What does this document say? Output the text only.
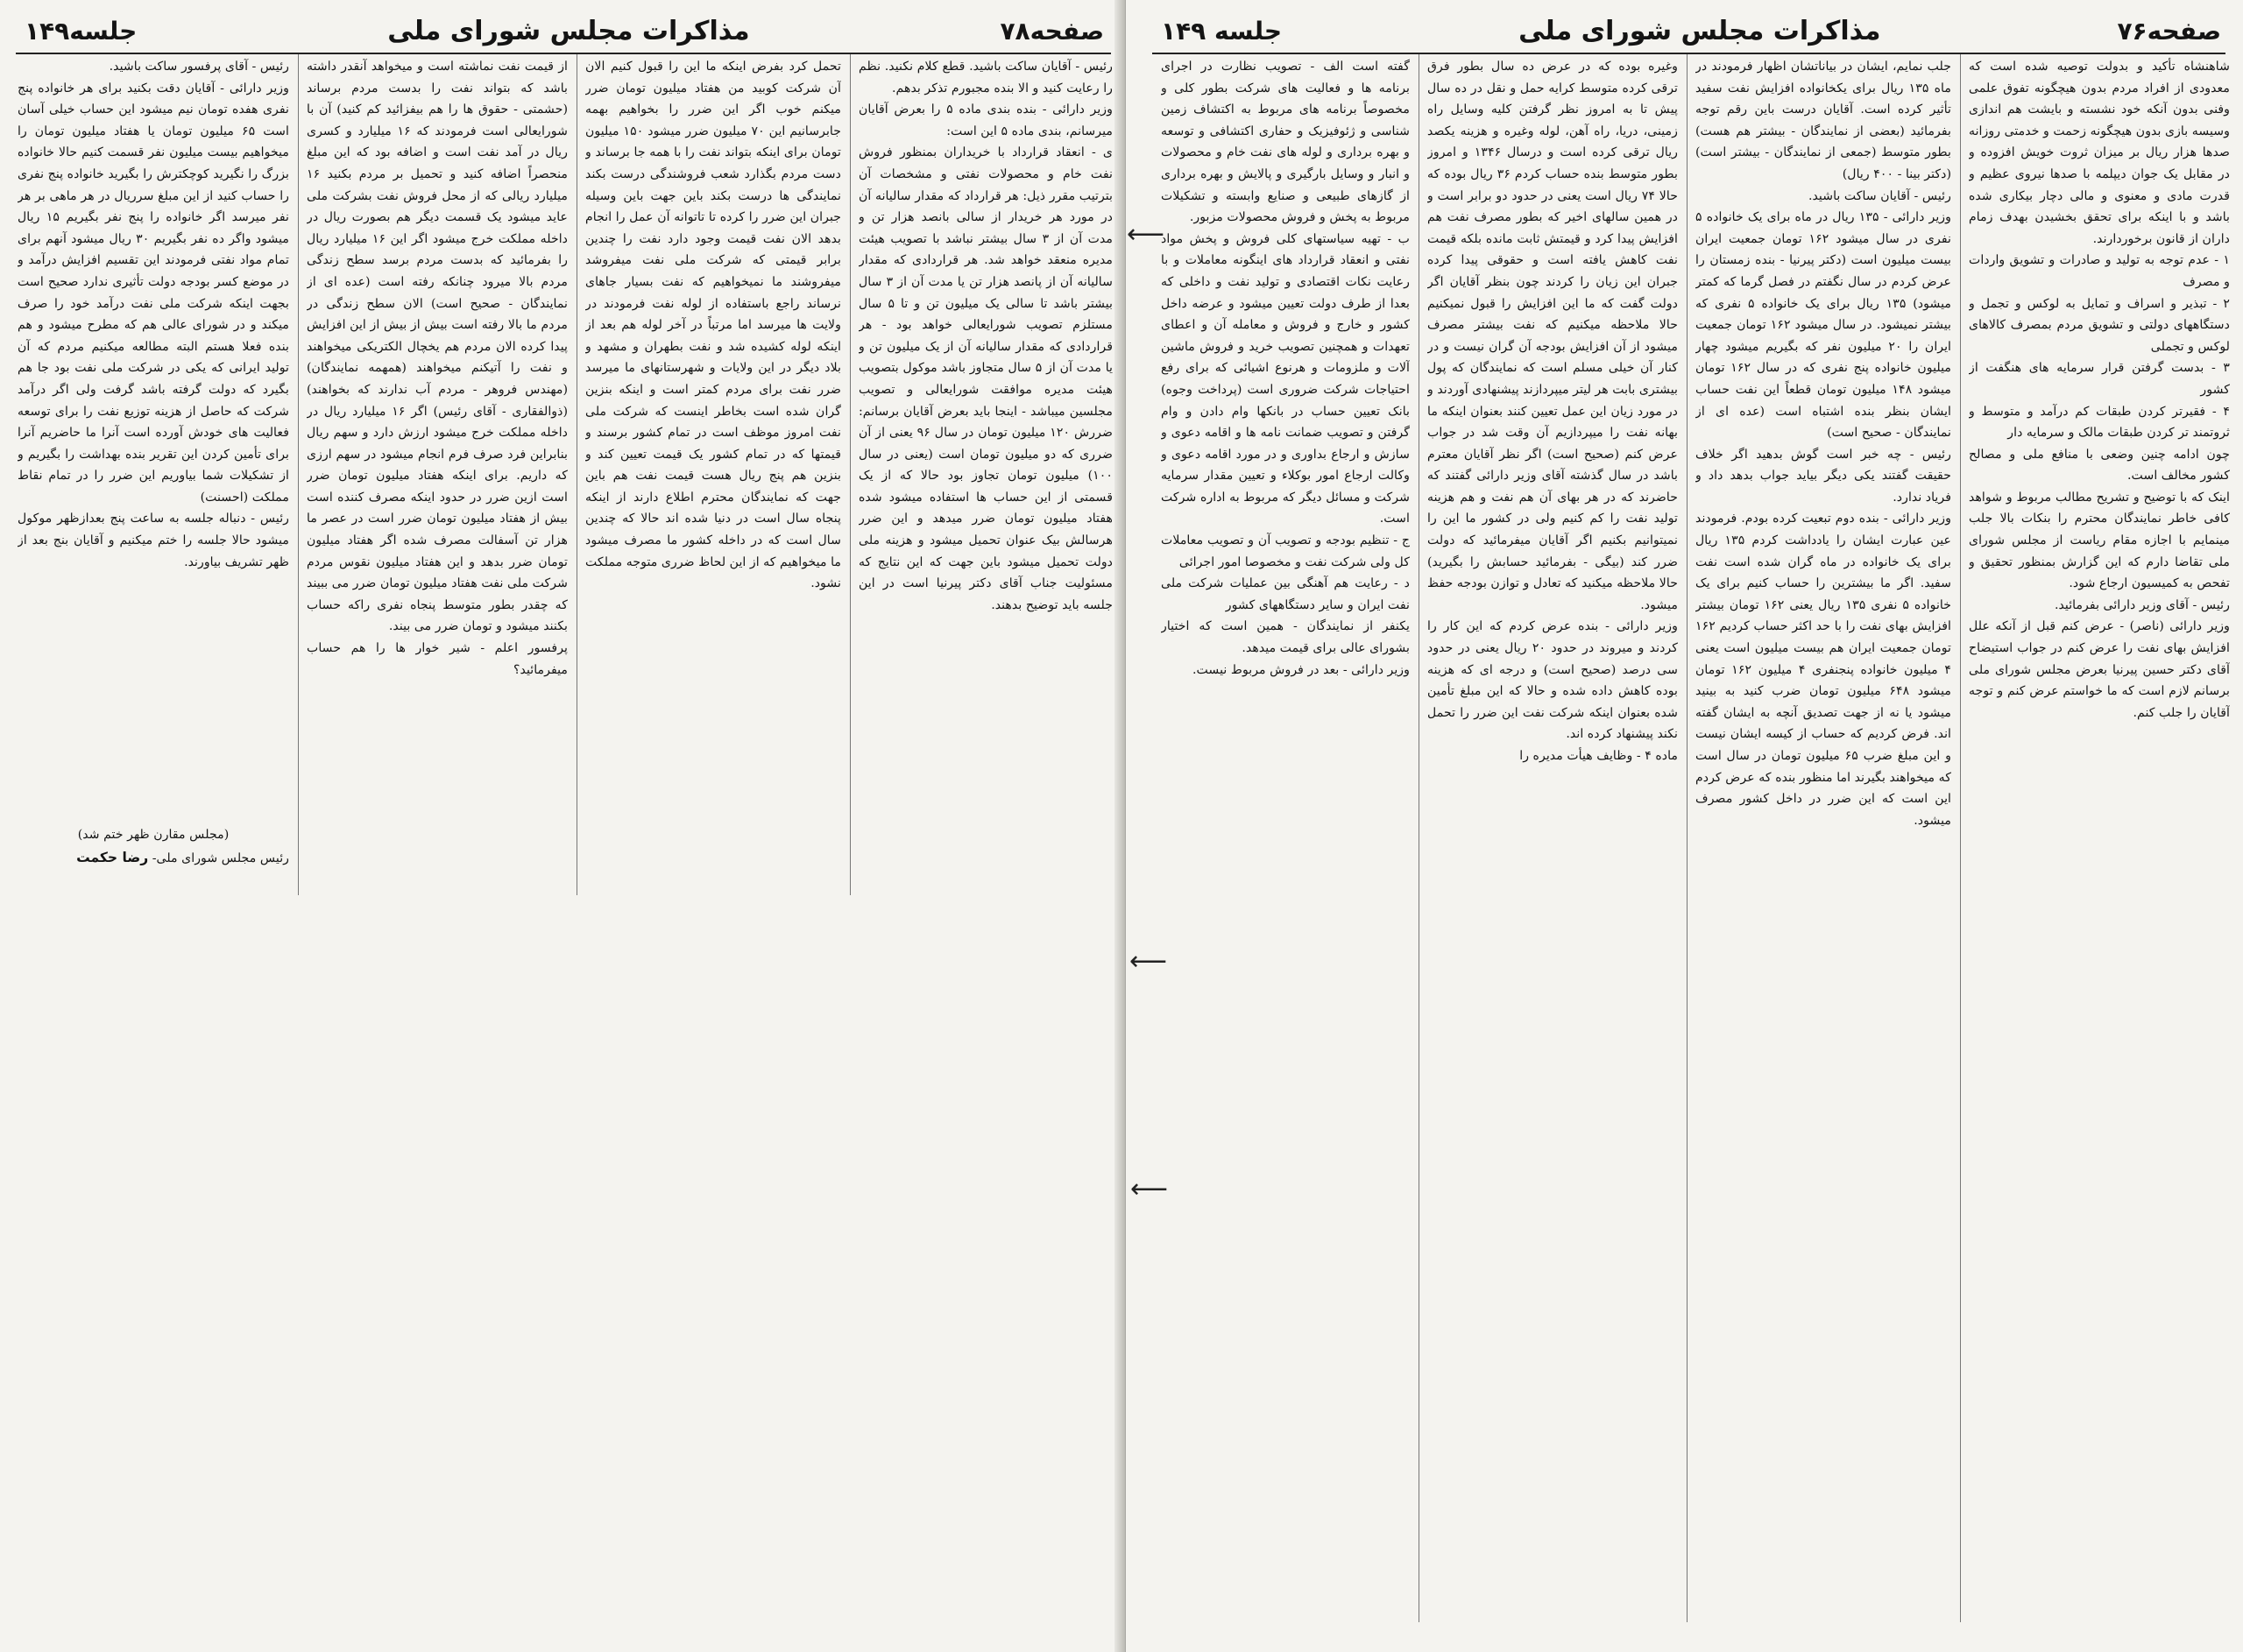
صفحه۷۸
مذاکرات مجلس شورای ملی
جلسه۱۴۹
رئیس - آقایان ساکت باشید. قطع کلام نکنید. نظم را رعایت کنید و الا بنده مجبورم تذکر بدهم.
وزیر دارائی - بنده بندی ماده ۵ را بعرض آقایان میرسانم، بندی ماده ۵ این است:
ی - انعقاد قرارداد با خریداران بمنظور فروش نفت خام و محصولات نفتی و مشخصات آن بترتیب مقرر ذیل: هر قرارداد که مقدار سالیانه آن در مورد هر خریدار از سالی بانصد هزار تن و مدت آن از ۳ سال بیشتر نباشد با تصویب هیئت مدیره منعقد خواهد شد. هر قراردادی که مقدار سالیانه آن از پانصد هزار تن یا مدت آن از ۳ سال بیشتر باشد تا سالی یک میلیون تن و تا ۵ سال مستلزم تصویب شورایعالی خواهد بود - هر قراردادی که مقدار سالیانه آن از یک میلیون تن و یا مدت آن از ۵ سال متجاوز باشد موکول بتصویب هیئت مدیره موافقت شورایعالی و تصویب مجلسین میباشد - اینجا باید بعرض آقایان برسانم: ضررش ۱۲۰ میلیون تومان در سال ۹۶ یعنی از آن ضرری که دو میلیون تومان است (یعنی در سال ۱۰۰) میلیون تومان تجاوز بود حالا که از یک قسمتی از این حساب ها استفاده میشود شده هفتاد میلیون تومان ضرر میدهد و این ضرر هرسالش بیک عنوان تحمیل میشود و هزینه ملی دولت تحمیل میشود باین جهت که این نتایج که مسئولیت جناب آقای دکتر پیرنیا است در این جلسه باید توضیح بدهند.
تحمل کرد بفرض اینکه ما این را قبول کنیم الان آن شرکت کوبید من هفتاد میلیون تومان ضرر میکنم خوب اگر این ضرر را بخواهیم بهمه جابرسانیم این ۷۰ میلیون ضرر میشود ۱۵۰ میلیون تومان برای اینکه بتواند نفت را با همه جا برساند و دست مردم بگذارد شعب فروشندگی درست بکند نمایندگی ها درست بکند باین جهت باین وسیله جبران این ضرر را کرده تا تاتوانه آن عمل را انجام بدهد الان نفت قیمت وجود دارد نفت را چندین برابر قیمتی که شرکت ملی نفت میفروشد میفروشند ما نمیخواهیم که نفت بسیار جاهای نرساند راجع باستفاده از لوله نفت فرمودند در ولایت ها میرسد اما مرتباً در آخر لوله هم بعد از اینکه لوله کشیده شد و نفت بطهران و مشهد و بلاد دیگر در این ولایات و شهرستانهای ما میرسد ضرر نفت برای مردم کمتر است و اینکه بنزین گران شده است بخاطر اینست که شرکت ملی نفت امروز موظف است در تمام کشور برسند و قیمتها که در تمام کشور یک قیمت تعیین کند و بنزین هم پنج ریال هست قیمت نفت هم باین جهت که نمایندگان محترم اطلاع دارند از اینکه پنجاه سال است در دنیا شده اند حالا که چندین سال است که در داخله کشور ما مصرف میشود ما میخواهیم که از این لحاظ ضرری متوجه مملکت نشود.
از قیمت نفت نماشته است و میخواهد آنقدر داشته باشد که بتواند نفت را بدست مردم برساند (حشمتی - حقوق ها را هم بیفزائید کم کنید) آن با شورایعالی است فرمودند که ۱۶ میلیارد و کسری ریال در آمد نفت است و اضافه بود که این مبلغ منحصراً اضافه کنید و تحمیل بر مردم بکنید ۱۶ میلیارد ریالی که از محل فروش نفت بشرکت ملی عاید میشود یک قسمت دیگر هم بصورت ریال در داخله مملکت خرج میشود اگر این ۱۶ میلیارد ریال را بفرمائید که بدست مردم برسد سطح زندگی مردم بالا میرود چنانکه رفته است (عده ای از نمایندگان - صحیح است) الان سطح زندگی در مردم ما بالا رفته است بیش از بیش از این افزایش پیدا کرده الان مردم هم یخچال الکتریکی میخواهند و نفت را آتیکنم میخواهند (همهمه نمایندگان) (مهندس فروهر - مردم آب ندارند که بخواهند) (ذوالفقاری - آقای رئیس) اگر ۱۶ میلیارد ریال در داخله مملکت خرج میشود ارزش دارد و سهم ریال بنابراین فرد صرف فرم انجام میشود در سهم ارزی که داریم. برای اینکه هفتاد میلیون تومان ضرر است ازین ضرر در حدود اینکه مصرف کننده است بیش از هفتاد میلیون تومان ضرر است در عصر ما هزار تن آسفالت مصرف شده اگر هفتاد میلیون تومان ضرر بدهد و این هفتاد میلیون نقوس مردم شرکت ملی نفت هفتاد میلیون تومان ضرر می ببیند که چقدر بطور متوسط پنجاه نفری راکه حساب بکنند میشود و تومان ضرر می بیند.
پرفسور اعلم - شیر خوار ها را هم حساب میفرمائید؟
رئیس - آقای پرفسور ساکت باشید.
وزیر دارائی - آقایان دقت بکنید برای هر خانواده پنج نفری هفده تومان نیم میشود این حساب خیلی آسان است ۶۵ میلیون تومان یا هفتاد میلیون تومان را میخواهیم بیست میلیون نفر قسمت کنیم حالا خانواده بزرگ را نگیرید کوچکترش را بگیرید خانواده پنج نفری را حساب کنید از این مبلغ سرریال در هر ماهی بر هر نفر میرسد اگر خانواده را پنج نفر بگیریم ۱۵ ریال میشود واگر ده نفر بگیریم ۳۰ ریال میشود آنهم برای تمام مواد نفتی فرمودند این تقسیم افزایش درآمد و در موضع کسر بودجه دولت تأثیری ندارد صحیح است بجهت اینکه شرکت ملی نفت درآمد خود را صرف میکند و در شورای عالی هم که مطرح میشود و هم بنده فعلا هستم البته مطالعه میکنیم مردم که آن تولید ایرانی که یکی در شرکت ملی نفت بود جا هم بگیرد که دولت گرفته باشد گرفت ولی اگر درآمد شرکت که حاصل از هزینه توزیع نفت را برای توسعه فعالیت های خودش آورده است آنرا ما حاضریم آنرا برای تأمین کردن این تقریر بنده بهداشت را بگیریم و از تشکیلات شما بیاوریم این ضرر را در تمام نقاط مملکت (احسنت)
رئیس - دنباله جلسه به ساعت پنج بعدازظهر موکول میشود حالا جلسه را ختم میکنیم و آقایان بنج بعد از ظهر تشریف بیاورند.
(مجلس مقارن ظهر ختم شد)
رئیس مجلس شورای ملی- رضا حکمت
صفحه۷۶
مذاکرات مجلس شورای ملی
جلسه ۱۴۹
شاهنشاه تأکید و بدولت توصیه شده است که معدودی از افراد مردم بدون هیچگونه تفوق علمی وفنی بدون آنکه خود نشسته و بایشت هم اندازی وسیسه بازی بدون هیچگونه زحمت و خدمتی روزانه صدها هزار ریال بر میزان ثروت خویش افزوده و در مقابل یک جوان دیپلمه با صدها نیروی عظیم و قدرت مادی و معنوی و مالی دچار بیکاری شده باشد و با اینکه برای تحقق بخشیدن بهدف زمام داران از قانون برخوردارند.
۱ - عدم توجه به تولید و صادرات و تشویق واردات و مصرف
۲ - تبذیر و اسراف و تمایل به لوکس و تجمل و دستگاههای دولتی و تشویق مردم بمصرف کالاهای لوکس و تجملی
۳ - بدست گرفتن قرار سرمایه های هنگفت از کشور
۴ - فقیرتر کردن طبقات کم درآمد و متوسط و ثروتمند تر کردن طبقات مالک و سرمایه دار
چون ادامه چنین وضعی با منافع ملی و مصالح کشور مخالف است.
اینک که با توضیح و تشریح مطالب مربوط و شواهد کافی خاطر نمایندگان محترم را بنکات بالا جلب مینمایم با اجازه مقام ریاست از مجلس شورای ملی تقاضا دارم که این گزارش بمنظور تحقیق و تفحص به کمیسیون ارجاع شود.
رئیس - آقای وزیر دارائی بفرمائید.
وزیر دارائی (ناصر) - عرض کنم قبل از آنکه علل افزایش بهای نفت را عرض کنم در جواب استیضاح آقای دکتر حسین پیرنیا بعرض مجلس شورای ملی برسانم لازم است که ما خواستم عرض کنم و توجه آقایان را جلب کنم.
جلب نمایم، ایشان در بیاناتشان اظهار فرمودند در ماه ۱۳۵ ریال برای یکخانواده افزایش نفت سفید تأثیر کرده است. آقایان درست باین رقم توجه بفرمائید (بعضی از نمایندگان - بیشتر هم هست) بطور متوسط (جمعی از نمایندگان - بیشتر است) (دکتر بینا - ۴۰۰ ریال)
رئیس - آقایان ساکت باشید.
وزیر دارائی - ۱۳۵ ریال در ماه برای یک خانواده ۵ نفری در سال میشود ۱۶۲ تومان جمعیت ایران بیست میلیون است (دکتر پیرنیا - بنده زمستان را عرض کردم در سال نگفتم در فصل گرما که کمتر میشود) ۱۳۵ ریال برای یک خانواده ۵ نفری که بیشتر نمیشود. در سال میشود ۱۶۲ تومان جمعیت ایران را ۲۰ میلیون نفر که بگیریم میشود چهار میلیون خانواده پنج نفری که در سال ۱۶۲ تومان میشود ۱۴۸ میلیون تومان قطعاً این نفت حساب ایشان بنظر بنده اشتباه است (عده ای از نمایندگان - صحیح است)
رئیس - چه خبر است گوش بدهید اگر خلاف حقیقت گفتند یکی دیگر بیاید جواب بدهد داد و فریاد ندارد.
وزیر دارائی - بنده دوم تبعیت کرده بودم. فرمودند عین عبارت ایشان را یادداشت کردم ۱۳۵ ریال برای یک خانواده در ماه گران شده است نفت سفید. اگر ما بیشترین را حساب کنیم برای یک خانواده ۵ نفری ۱۳۵ ریال یعنی ۱۶۲ تومان بیشتر افزایش بهای نفت را با حد اکثر حساب کردیم ۱۶۲ تومان جمعیت ایران هم بیست میلیون است یعنی ۴ میلیون خانواده پنجنفری ۴ میلیون ۱۶۲ تومان میشود ۶۴۸ میلیون تومان ضرب کنید به بینید میشود یا نه از جهت تصدیق آنچه به ایشان گفته اند. فرض کردیم که حساب از کیسه ایشان نیست و این مبلغ ضرب ۶۵ میلیون تومان در سال است که میخواهند بگیرند اما منظور بنده که عرض کردم این است که این ضرر در داخل کشور مصرف میشود.
وغیره بوده که در عرض ده سال بطور فرق ترقی کرده متوسط کرایه حمل و نقل در ده سال پیش تا به امروز نظر گرفتن کلیه وسایل راه زمینی، دریا، راه آهن، لوله وغیره و هزینه یکصد ریال ترقی کرده است و درسال ۱۳۴۶ و امروز بطور متوسط بنده حساب کردم ۳۶ ریال بوده که حالا ۷۴ ریال است یعنی در حدود دو برابر است و در همین سالهای اخیر که بطور مصرف نفت هم افزایش پیدا کرد و قیمتش ثابت مانده بلکه قیمت نفت کاهش یافته است و حقوقی پیدا کرده جبران این زیان را کردند چون بنظر آقایان اگر دولت گفت که ما این افزایش را قبول نمیکنیم حالا ملاحظه میکنیم که نفت بیشتر مصرف میشود از آن افزایش بودجه آن گران نیست و در کنار آن خیلی مسلم است که نمایندگان که پول بیشتری بابت هر لیتر میپردازند پیشنهادی آوردند و در مورد زیان این عمل تعیین کنند بعنوان اینکه ما بهانه نفت را میپردازیم آن وقت شد در جواب عرض کنم (صحیح است) اگر نظر آقایان معترم باشد در سال گذشته آقای وزیر دارائی گفتند که حاضرند که در هر بهای آن هم نفت و هم هزینه تولید نفت را کم کنیم ولی در کشور ما این را نمیتوانیم بکنیم اگر آقایان میفرمائید که دولت ضرر کند (بیگی - بفرمائید حسابش را بگیرید) حالا ملاحظه میکنید که تعادل و توازن بودجه حفظ میشود.
وزیر دارائی - بنده عرض کردم که این کار را کردند و میروند در حدود ۲۰ ریال یعنی در حدود سی درصد (صحیح است) و درجه ای که هزینه بوده کاهش داده شده و حالا که این مبلغ تأمین شده بعنوان اینکه شرکت نفت این ضرر را تحمل نکند پیشنهاد کرده اند.
ماده ۴ - وظایف هیأت مدیره را
گفته است الف - تصویب نظارت در اجرای برنامه ها و فعالیت های شرکت بطور کلی و مخصوصاً برنامه های مربوط به اکتشاف زمین شناسی و ژئوفیزیک و حفاری اکتشافی و توسعه و بهره برداری و لوله های نفت خام و محصولات و انبار و وسایل بارگیری و پالایش و بهره برداری از گازهای طبیعی و صنایع وابسته و تشکیلات مربوط به پخش و فروش محصولات مزبور.
ب - تهیه سیاستهای کلی فروش و پخش مواد نفتی و انعقاد قرارداد های اینگونه معاملات و با رعایت نکات اقتصادی و تولید نفت و داخلی که بعدا از طرف دولت تعیین میشود و عرضه داخل کشور و خارج و فروش و معامله آن و اعطای تعهدات و همچنین تصویب خرید و فروش ماشین آلات و ملزومات و هرنوع اشیائی که برای رفع احتیاجات شرکت ضروری است (پرداخت وجوه) بانک تعیین حساب در بانکها وام دادن و وام گرفتن و تصویب ضمانت نامه ها و اقامه دعوی و سازش و ارجاع بداوری و در مورد اقامه دعوی و وکالت ارجاع امور بوکلاء و تعیین مقدار سرمایه شرکت و مسائل دیگر که مربوط به اداره شرکت است.
ج - تنظیم بودجه و تصویب آن و تصویب معاملات کل ولی شرکت نفت و مخصوصا امور اجرائی
د - رعایت هم آهنگی بین عملیات شرکت ملی نفت ایران و سایر دستگاههای کشور
یکنفر از نمایندگان - همین است که اختیار بشورای عالی برای قیمت میدهد.
وزیر دارائی - بعد در فروش مربوط نیست.
⟵
⟵
⟵
